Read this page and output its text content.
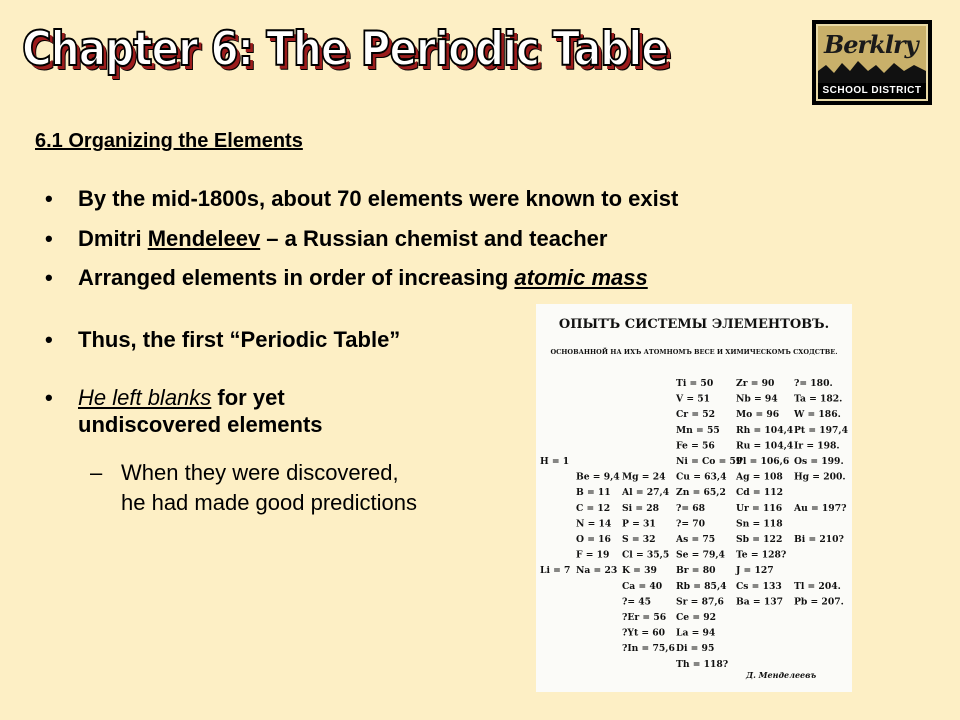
Chapter 6: The Periodic Table	Berklry
SCHOOL DISTRICT
6.1 Organizing the Elements
• By the mid-1800s, about 70 elements were known to exist
• Dmitri Mendeleev – a Russian chemist and teacher
• Arranged elements in order of increasing atomic mass
• Thus, the first “Periodic Table”
• He left blanks for yet undiscovered elements
– When they were discovered, he had made good predictions
ОПЫТЪ СИСТЕМЫ ЭЛЕМЕНТОВЪ.
ОСНОВАННОЙ НА ИХЪ АТОМНОМЪ ВЕСЕ И ХИМИЧЕСКОМЪ СХОДСТВЕ.
H = 1
Li = 7
Be = 9,4
B = 11
C = 12
N = 14
O = 16
F = 19
Na = 23
Mg = 24
Al = 27,4
Si = 28
P = 31
S = 32
Cl = 35,5
K = 39
Ca = 40
?= 45
?Er = 56
?Yt = 60
?In = 75,6
Ti = 50
V = 51
Cr = 52
Mn = 55
Fe = 56
Ni = Co = 59
Cu = 63,4
Zn = 65,2
?= 68
?= 70
As = 75
Se = 79,4
Br = 80
Rb = 85,4
Sr = 87,6
Ce = 92
La = 94
Di = 95
Th = 118?
Zr = 90
Nb = 94
Mo = 96
Rh = 104,4
Ru = 104,4
Pl = 106,6
Ag = 108
Cd = 112
Ur = 116
Sn = 118
Sb = 122
Te = 128?
J = 127
Cs = 133
Ba = 137
?= 180.
Ta = 182.
W = 186.
Pt = 197,4
Ir = 198.
Os = 199.
Hg = 200.
Au = 197?
Bi = 210?
Tl = 204.
Pb = 207.
Д. Менделеевъ
